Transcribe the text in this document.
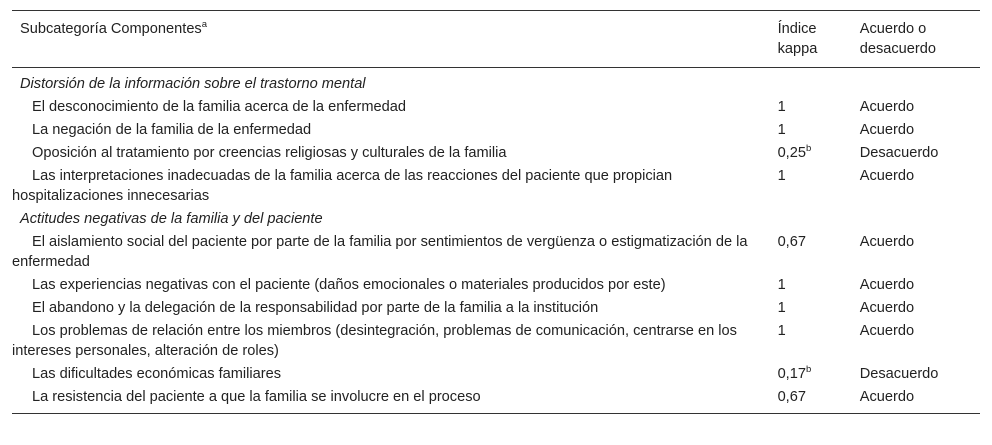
Subcategoría Componentes$^a$	Índice kappa	Acuerdo o desacuerdo
Distorsión de la información sobre el trastorno mental		
El desconocimiento de la familia acerca de la enfermedad	1	Acuerdo
La negación de la familia de la enfermedad	1	Acuerdo
Oposición al tratamiento por creencias religiosas y culturales de la familia	0,25$^b$	Desacuerdo
Las interpretaciones inadecuadas de la familia acerca de las reacciones del paciente que propician hospitalizaciones innecesarias	1	Acuerdo
Actitudes negativas de la familia y del paciente		
El aislamiento social del paciente por parte de la familia por sentimientos de vergüenza o estigmatización de la enfermedad	0,67	Acuerdo
Las experiencias negativas con el paciente (daños emocionales o materiales producidos por este)	1	Acuerdo
El abandono y la delegación de la responsabilidad por parte de la familia a la institución	1	Acuerdo
Los problemas de relación entre los miembros (desintegración, problemas de comunicación, centrarse en los intereses personales, alteración de roles)	1	Acuerdo
Las dificultades económicas familiares	0,17$^b$	Desacuerdo
La resistencia del paciente a que la familia se involucre en el proceso	0,67	Acuerdo
